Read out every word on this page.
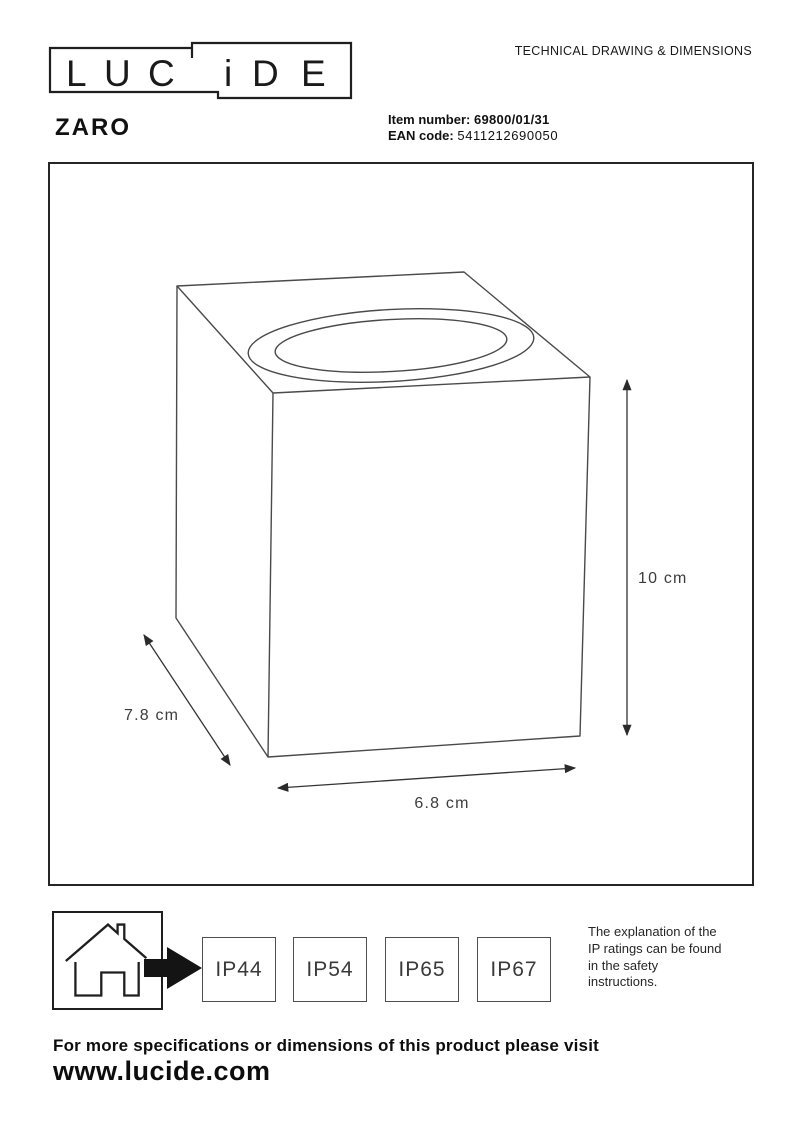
L U C i D E
TECHNICAL DRAWING & DIMENSIONS
ZARO	Item number: 69800/01/31
EAN code: 5411212690050
10 cm
7.8 cm
6.8 cm
IP44	IP54	IP65	IP67
The explanation of the
IP ratings can be found
in the safety
instructions.
For more specifications or dimensions of this product please visit
www.lucide.com
